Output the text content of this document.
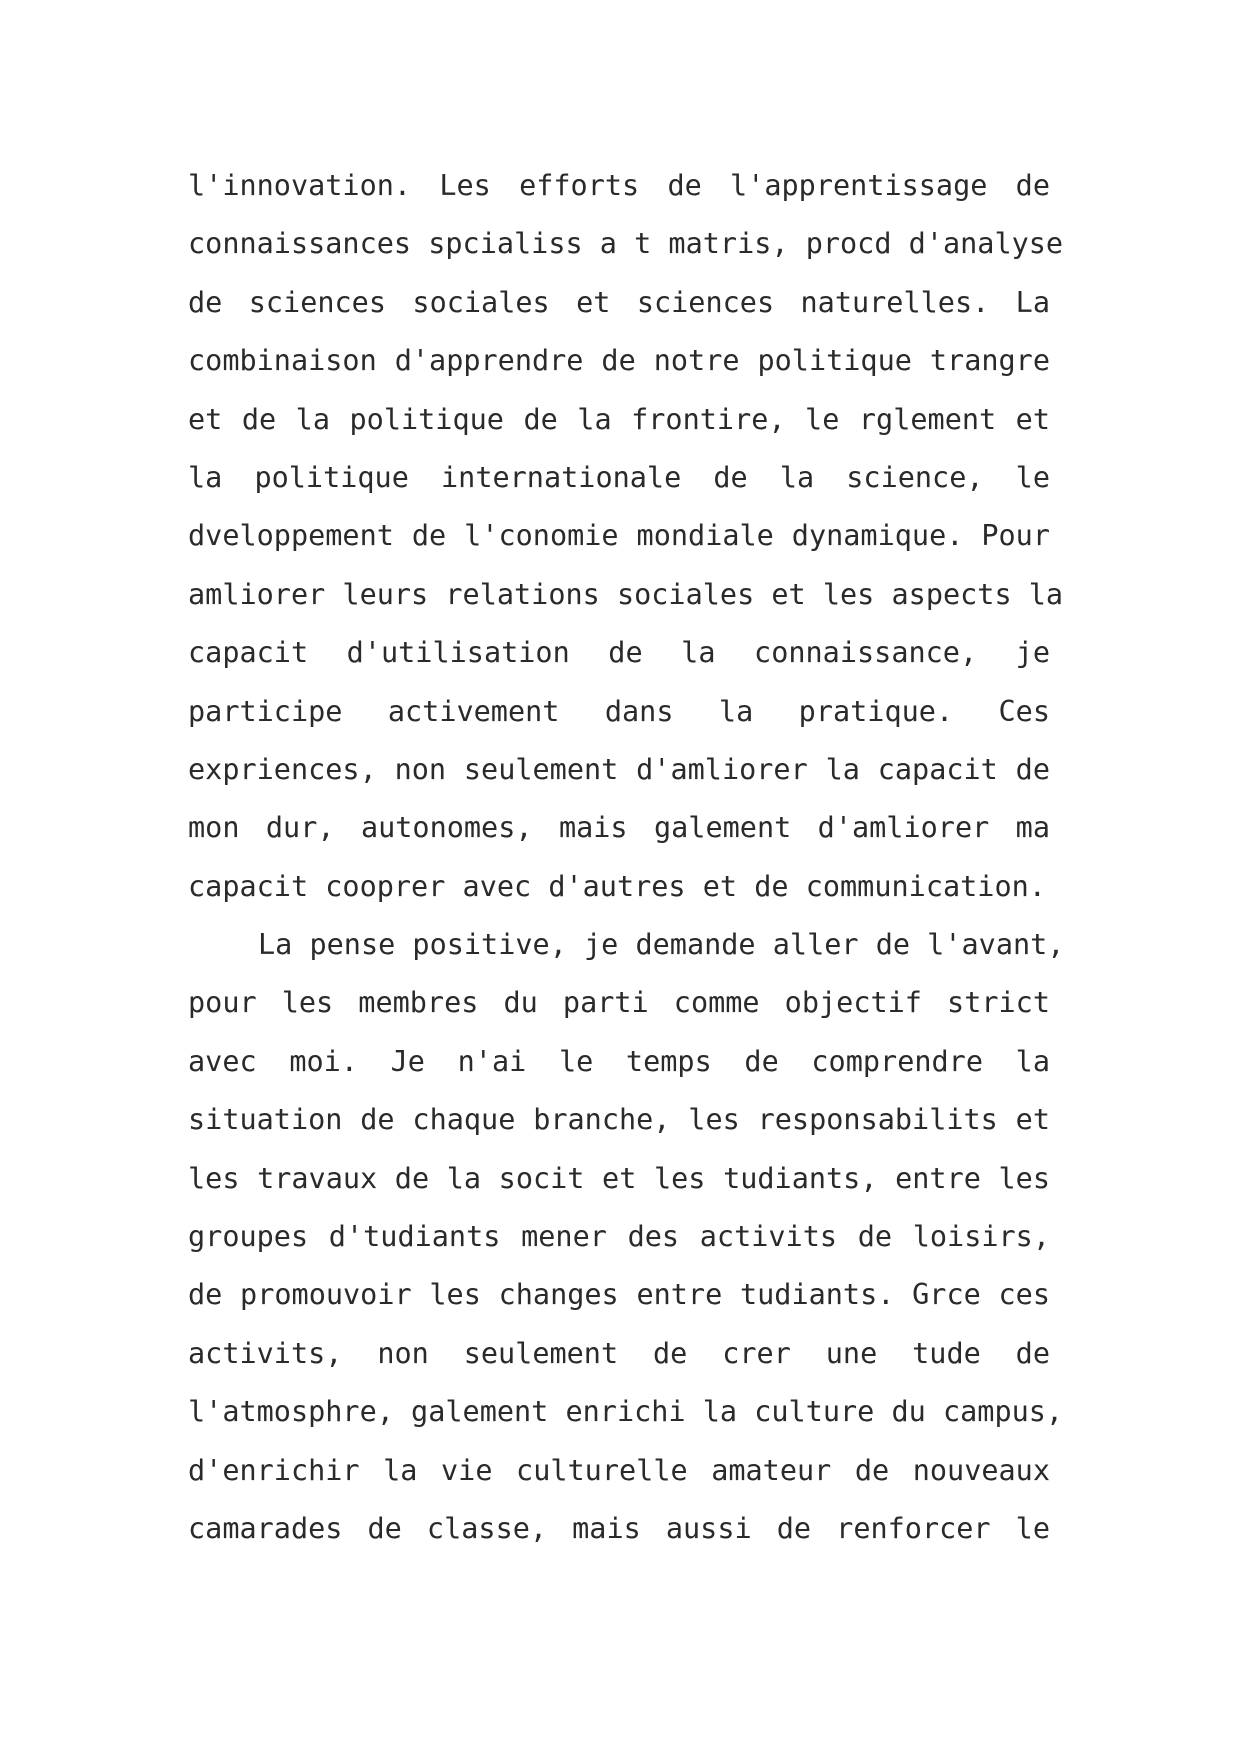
l'innovation. Les efforts de l'apprentissage de
connaissances spcialiss a t matris, procd d'analyse
de sciences sociales et sciences naturelles. La
combinaison d'apprendre de notre politique trangre
et de la politique de la frontire, le rglement et
la politique internationale de la science, le
dveloppement de l'conomie mondiale dynamique. Pour
amliorer leurs relations sociales et les aspects la
capacit d'utilisation de la connaissance, je
participe activement dans la pratique. Ces
expriences, non seulement d'amliorer la capacit de
mon dur, autonomes, mais galement d'amliorer ma
capacit cooprer avec d'autres et de communication.

La pense positive, je demande aller de l'avant,
pour les membres du parti comme objectif strict
avec moi. Je n'ai le temps de comprendre la
situation de chaque branche, les responsabilits et
les travaux de la socit et les tudiants, entre les
groupes d'tudiants mener des activits de loisirs,
de promouvoir les changes entre tudiants. Grce ces
activits, non seulement de crer une tude de
l'atmosphre, galement enrichi la culture du campus,
d'enrichir la vie culturelle amateur de nouveaux
camarades de classe, mais aussi de renforcer le
